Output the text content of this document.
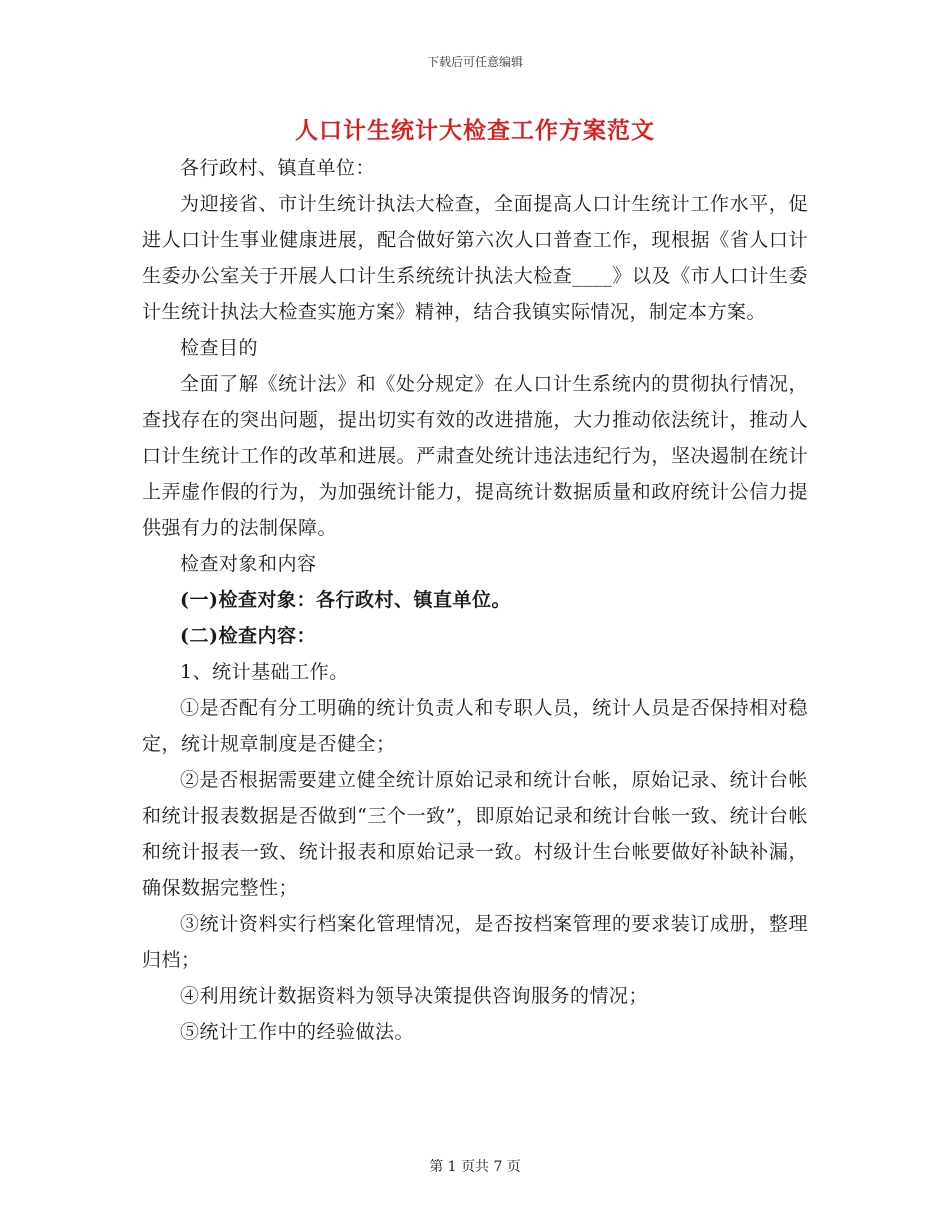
下载后可任意编辑
人口计生统计大检查工作方案范文

各行政村、镇直单位：

为迎接省、市计生统计执法大检查，全面提高人口计生统计工作水平，促进人口计生事业健康进展，配合做好第六次人口普查工作，现根据《省人口计生委办公室关于开展人口计生系统统计执法大检查____》以及《市人口计生委计生统计执法大检查实施方案》精神，结合我镇实际情况，制定本方案。

检查目的

全面了解《统计法》和《处分规定》在人口计生系统内的贯彻执行情况，查找存在的突出问题，提出切实有效的改进措施，大力推动依法统计，推动人口计生统计工作的改革和进展。严肃查处统计违法违纪行为，坚决遏制在统计上弄虚作假的行为，为加强统计能力，提高统计数据质量和政府统计公信力提供强有力的法制保障。

检查对象和内容

(一)检查对象：各行政村、镇直单位。

(二)检查内容：

1、统计基础工作。

①是否配有分工明确的统计负责人和专职人员，统计人员是否保持相对稳定，统计规章制度是否健全；

②是否根据需要建立健全统计原始记录和统计台帐，原始记录、统计台帐和统计报表数据是否做到“三个一致”，即原始记录和统计台帐一致、统计台帐和统计报表一致、统计报表和原始记录一致。村级计生台帐要做好补缺补漏，确保数据完整性；

③统计资料实行档案化管理情况，是否按档案管理的要求装订成册，整理归档；

④利用统计数据资料为领导决策提供咨询服务的情况；

⑤统计工作中的经验做法。

第 1 页共 7 页
